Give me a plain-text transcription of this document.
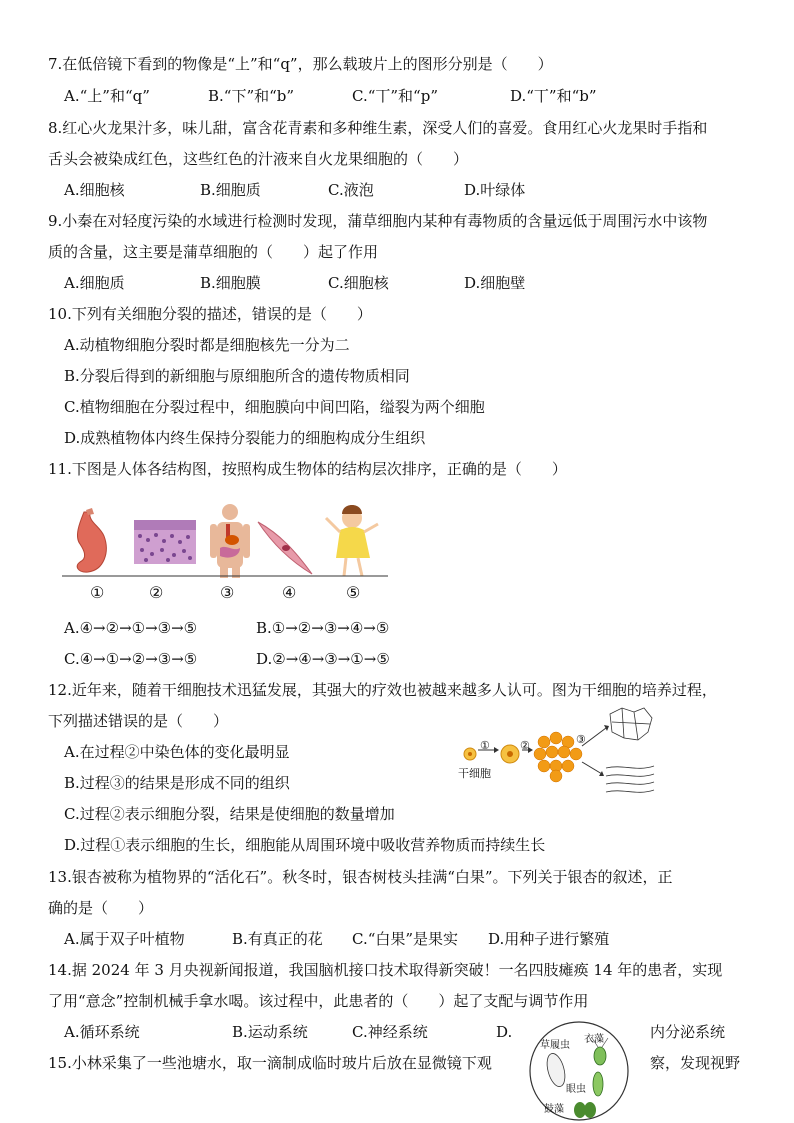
7.在低倍镜下看到的物像是“上”和“q”，那么载玻片上的图形分别是（　　）
A.“上”和“q”	B.“下”和“b”	C.“丅”和“p”	D.“丅”和“b”
8.红心火龙果汁多，味儿甜，富含花青素和多种维生素，深受人们的喜爱。食用红心火龙果时手指和
舌头会被染成红色，这些红色的汁液来自火龙果细胞的（　　）
A.细胞核	B.细胞质	C.液泡	D.叶绿体
9.小秦在对轻度污染的水域进行检测时发现，蒲草细胞内某种有毒物质的含量远低于周围污水中该物
质的含量，这主要是蒲草细胞的（　　）起了作用
A.细胞质	B.细胞膜	C.细胞核	D.细胞壁
10.下列有关细胞分裂的描述，错误的是（　　）
A.动植物细胞分裂时都是细胞核先一分为二
B.分裂后得到的新细胞与原细胞所含的遗传物质相同
C.植物细胞在分裂过程中，细胞膜向中间凹陷，缢裂为两个细胞
D.成熟植物体内终生保持分裂能力的细胞构成分生组织
11.下图是人体各结构图，按照构成生物体的结构层次排序，正确的是（　　）
①	②	③	④	⑤
A.④→②→①→③→⑤	B.①→②→③→④→⑤
C.④→①→②→③→⑤	D.②→④→③→①→⑤
12.近年来，随着干细胞技术迅猛发展，其强大的疗效也被越来越多人认可。图为干细胞的培养过程，
下列描述错误的是（　　）
A.在过程②中染色体的变化最明显
B.过程③的结果是形成不同的组织
C.过程②表示细胞分裂，结果是使细胞的数量增加
D.过程①表示细胞的生长，细胞能从周围环境中吸收营养物质而持续生长
干细胞
①	②	③
13.银杏被称为植物界的“活化石”。秋冬时，银杏树枝头挂满“白果”。下列关于银杏的叙述，正
确的是（　　）
A.属于双子叶植物	B.有真正的花 C.“白果”是果实 D.用种子进行繁殖
14.据 2024 年 3 月央视新闻报道，我国脑机接口技术取得新突破！一名四肢瘫痪 14 年的患者，实现
了用“意念”控制机械手拿水喝。该过程中，此患者的（　　）起了支配与调节作用
A.循环系统	B.运动系统	C.神经系统	D.	内分泌系统
15.小林采集了一些池塘水，取一滴制成临时玻片后放在显微镜下观	察，发现视野
草履虫
衣藻
眼虫
鼓藻
